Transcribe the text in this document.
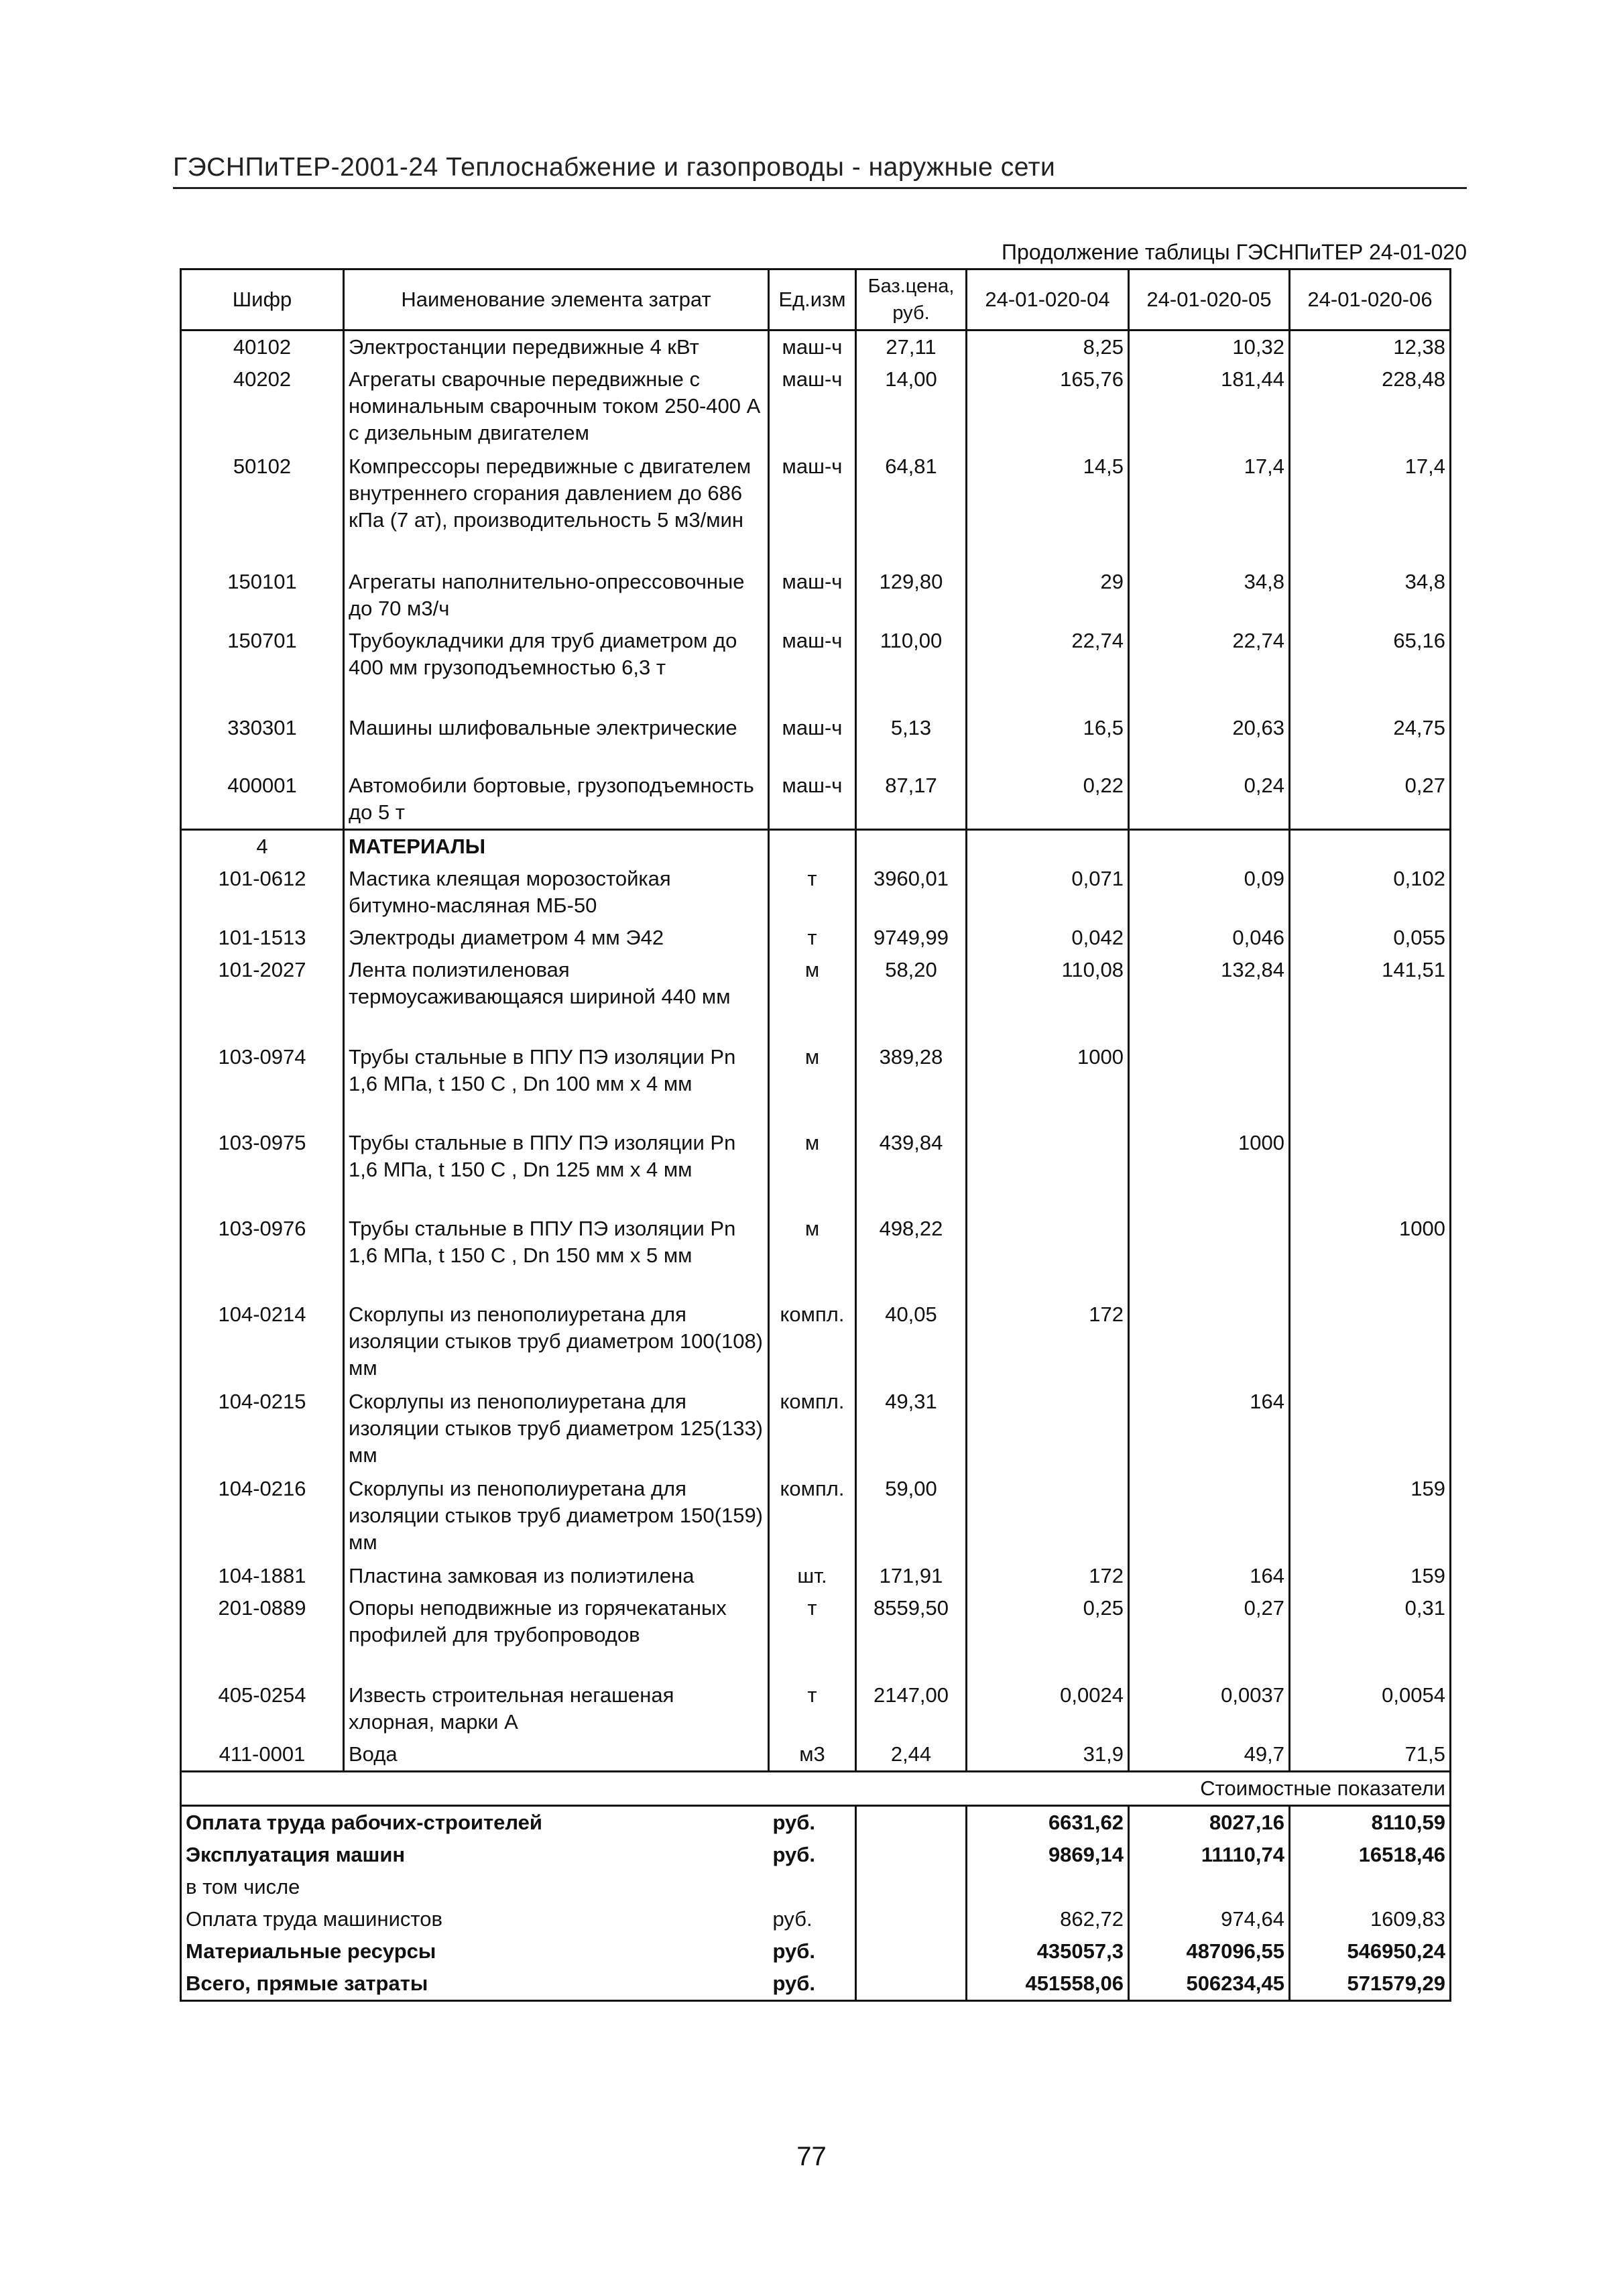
ГЭСНПиТЕР-2001-24 Теплоснабжение и газопроводы - наружные сети
Продолжение таблицы ГЭСНПиТЕР 24-01-020
Шифр	Наименование элемента затрат	Ед.изм	Баз.цена, руб.	24-01-020-04	24-01-020-05	24-01-020-06
40102	Электростанции передвижные 4 кВт	маш-ч	27,11	8,25	10,32	12,38
40202	Агрегаты сварочные передвижные с номинальным сварочным током 250-400 А с дизельным двигателем	маш-ч	14,00	165,76	181,44	228,48
50102	Компрессоры передвижные с двигателем внутреннего сгорания давлением до 686 кПа (7 ат), производительность 5 м3/мин	маш-ч	64,81	14,5	17,4	17,4
150101	Агрегаты наполнительно-опрессовочные до 70 м3/ч	маш-ч	129,80	29	34,8	34,8
150701	Трубоукладчики для труб диаметром до 400 мм грузоподъемностью 6,3 т	маш-ч	110,00	22,74	22,74	65,16
330301	Машины шлифовальные электрические	маш-ч	5,13	16,5	20,63	24,75
400001	Автомобили бортовые, грузоподъемность до 5 т	маш-ч	87,17	0,22	0,24	0,27
4	МАТЕРИАЛЫ					
101-0612	Мастика клеящая морозостойкая битумно-масляная МБ-50	т	3960,01	0,071	0,09	0,102
101-1513	Электроды диаметром 4 мм Э42	т	9749,99	0,042	0,046	0,055
101-2027	Лента полиэтиленовая термоусаживающаяся шириной 440 мм	м	58,20	110,08	132,84	141,51
103-0974	Трубы стальные в ППУ ПЭ изоляции Pn 1,6 МПа, t 150 С , Dn 100 мм х 4 мм	м	389,28	1000		
103-0975	Трубы стальные в ППУ ПЭ изоляции Pn 1,6 МПа, t 150 С , Dn 125 мм х 4 мм	м	439,84		1000	
103-0976	Трубы стальные в ППУ ПЭ изоляции Pn 1,6 МПа, t 150 С , Dn 150 мм х 5 мм	м	498,22			1000
104-0214	Скорлупы из пенополиуретана для изоляции стыков труб диаметром 100(108) мм	компл.	40,05	172		
104-0215	Скорлупы из пенополиуретана для изоляции стыков труб диаметром 125(133) мм	компл.	49,31		164	
104-0216	Скорлупы из пенополиуретана для изоляции стыков труб диаметром 150(159) мм	компл.	59,00			159
104-1881	Пластина замковая из полиэтилена	шт.	171,91	172	164	159
201-0889	Опоры неподвижные из горячекатаных профилей для трубопроводов	т	8559,50	0,25	0,27	0,31
405-0254	Известь строительная негашеная хлорная, марки А	т	2147,00	0,0024	0,0037	0,0054
411-0001	Вода	м3	2,44	31,9	49,7	71,5
Стоимостные показатели						
Оплата труда рабочих-строителей		руб.		6631,62	8027,16	8110,59
Эксплуатация машин		руб.		9869,14	11110,74	16518,46
в том числе						
Оплата труда машинистов		руб.		862,72	974,64	1609,83
Материальные ресурсы		руб.		435057,3	487096,55	546950,24
Всего, прямые затраты		руб.		451558,06	506234,45	571579,29
77
